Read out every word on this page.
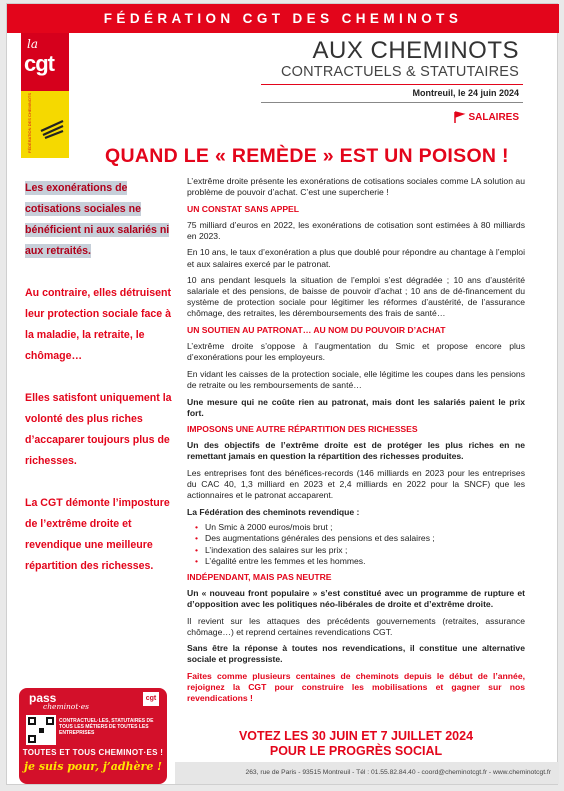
FÉDÉRATION CGT DES CHEMINOTS
la
cgt
FÉDÉRATION DES CHEMINOTS
AUX CHEMINOTS
CONTRACTUELS & STATUTAIRES
Montreuil, le 24 juin 2024
SALAIRES
QUAND LE « REMÈDE » EST UN POISON !

Les exonérations de cotisations sociales ne bénéficient ni aux salariés ni aux retraités.

Au contraire, elles détruisent leur protection sociale face à la maladie, la retraite, le chômage…

Elles satisfont uniquement la volonté des plus riches d’accaparer toujours plus de richesses.

La CGT démonte l’imposture de l’extrême droite et revendique une meilleure répartition des richesses.

L’extrême droite présente les exonérations de cotisations sociales comme LA solution au problème de pouvoir d’achat. C’est une supercherie !

UN CONSTAT SANS APPEL

75 milliard d’euros en 2022, les exonérations de cotisation sont estimées à 80 milliards en 2023.

En 10 ans, le taux d’exonération a plus que doublé pour répondre au chantage à l’emploi et aux salaires exercé par le patronat.

10 ans pendant lesquels la situation de l’emploi s’est dégradée ; 10 ans d’austérité salariale et des pensions, de baisse de pouvoir d’achat ; 10 ans de dé-financement du système de protection sociale pour légitimer les réformes d’austérité, de l’assurance chômage, des retraites, les déremboursements des frais de santé…

UN SOUTIEN AU PATRONAT… AU NOM DU POUVOIR D’ACHAT

L’extrême droite s’oppose à l’augmentation du Smic et propose encore plus d’exonérations pour les employeurs.

En vidant les caisses de la protection sociale, elle légitime les coupes dans les pensions de retraite ou les remboursements de santé…

Une mesure qui ne coûte rien au patronat, mais dont les salariés paient le prix fort.

IMPOSONS UNE AUTRE RÉPARTITION DES RICHESSES

Un des objectifs de l’extrême droite est de protéger les plus riches en ne remettant jamais en question la répartition des richesses produites.

Les entreprises font des bénéfices-records (146 milliards en 2023 pour les entreprises du CAC 40, 1,3 milliard en 2023 et 2,4 milliards en 2022 pour la SNCF) que les actionnaires et le patronat accaparent.

La Fédération des cheminots revendique :

• Un Smic à 2000 euros/mois brut ;
• Des augmentations générales des pensions et des salaires ;
• L’indexation des salaires sur les prix ;
• L’égalité entre les femmes et les hommes.
INDÉPENDANT, MAIS PAS NEUTRE

Un « nouveau front populaire » s’est constitué avec un programme de rupture et d’opposition avec les politiques néo-libérales de droite et d’extrême droite.

Il revient sur les attaques des précédents gouvernements (retraites, assurance chômage…) et reprend certaines revendications CGT.

Sans être la réponse à toutes nos revendications, il constitue une alternative sociale et progressiste.

Faites comme plusieurs centaines de cheminots depuis le début de l’année, rejoignez la CGT pour construire les mobilisations et gagner sur nos revendications !

VOTEZ LES 30 JUIN ET 7 JUILLET 2024
POUR LE PROGRÈS SOCIAL
pass
cheminot·es
cgt
CONTRACTUEL·LES, STATUTAIRES DE TOUS LES MÉTIERS DE TOUTES LES ENTREPRISES
TOUTES ET TOUS CHEMINOT·ES !
je suis pour, j’adhère !	263, rue de Paris - 93515 Montreuil - Tél : 01.55.82.84.40 - coord@cheminotcgt.fr - www.cheminotcgt.fr
